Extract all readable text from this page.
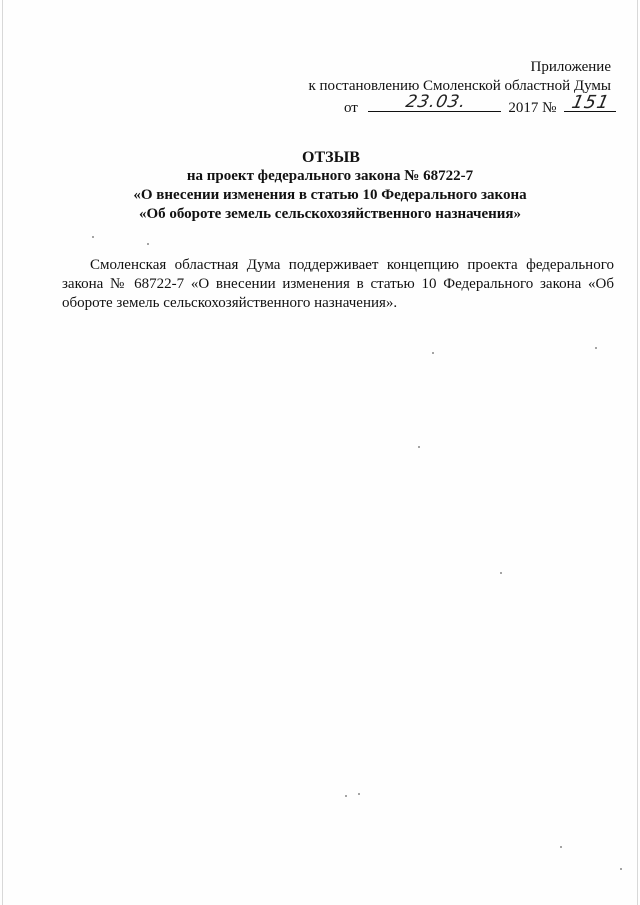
Приложение
к постановлению Смоленской областной Думы
от	23.03.	2017 № 151
ОТЗЫВ
на проект федерального закона № 68722-7
«О внесении изменения в статью 10 Федерального закона
«Об обороте земель сельскохозяйственного назначения»
Смоленская областная Дума поддерживает концепцию проекта федерального закона № 68722-7 «О внесении изменения в статью 10 Федерального закона «Об обороте земель сельскохозяйственного назначения».
